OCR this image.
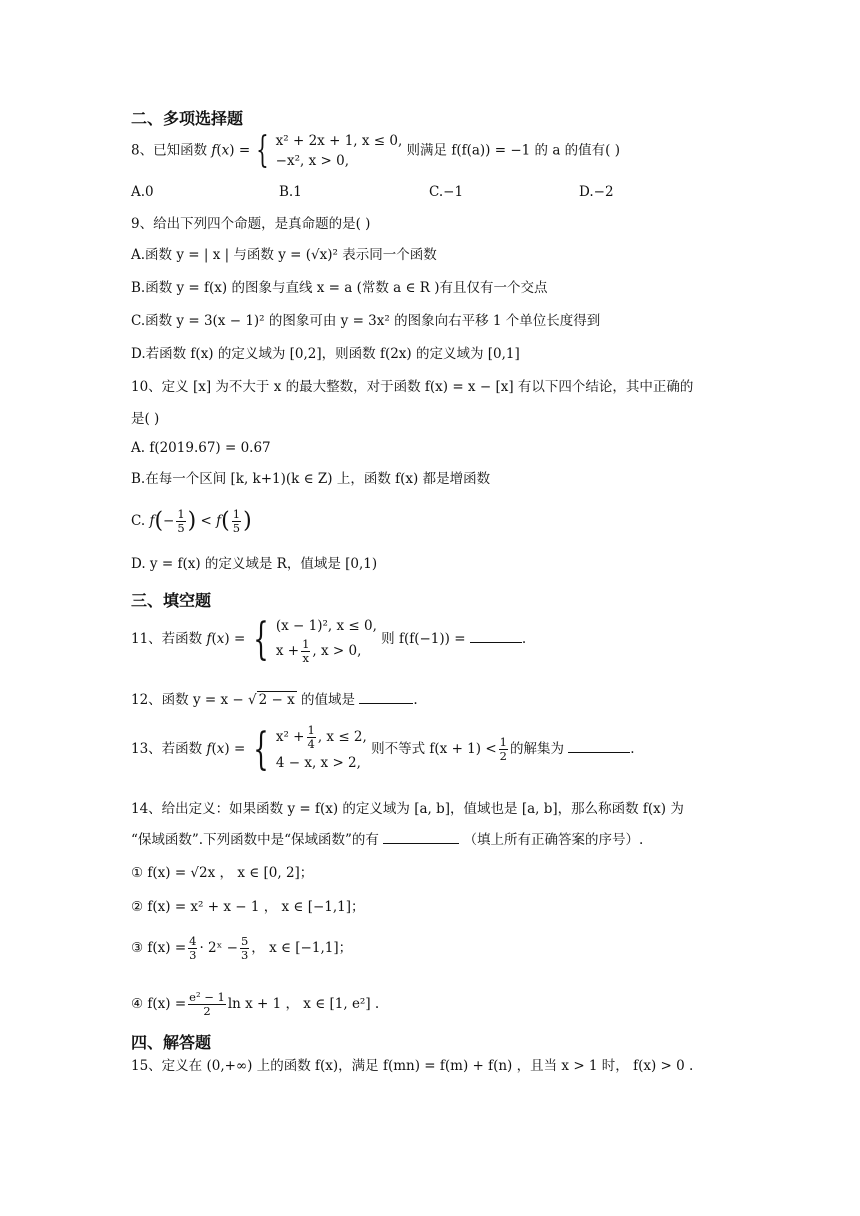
二、多项选择题
8、已知函数 f(x) = { x² + 2x + 1, x ≤ 0,
−x², x > 0,
则满足 f(f(a)) = −1 的 a 的值有( )
A.0	B.1	C.−1	D.−2
9、给出下列四个命题，是真命题的是( )
A.函数 y = | x | 与函数 y = (√x)² 表示同一个函数
B.函数 y = f(x) 的图象与直线 x = a (常数 a ∈ R )有且仅有一个交点
C.函数 y = 3(x − 1)² 的图象可由 y = 3x² 的图象向右平移 1 个单位长度得到
D.若函数 f(x) 的定义域为 [0,2]，则函数 f(2x) 的定义域为 [0,1]
10、定义 [x] 为不大于 x 的最大整数，对于函数 f(x) = x − [x] 有以下四个结论，其中正确的
是( )
A. f(2019.67) = 0.67
B.在每一个区间 [k, k+1)(k ∈ Z) 上，函数 f(x) 都是增函数
C. $f(- \frac{1}{5}$ ) < $f( \frac{1}{5}$ )
D. y = f(x) 的定义域是 R，值域是 [0,1)
三、填空题
11、若函数 f(x) = { (x − 1)², x ≤ 0,
$x + \frac{1}{x}$ , x > 0,
则 f(f(−1)) =	.
12、函数 y = x − √ 2 − x 的值域是	.
13、若函数 f(x) = { $x^2 + \frac{1}{4}$ , x ≤ 2,
4 − x, x > 2,
则不等式 $f(x + 1) < \frac{1}{2}$ 的解集为	.
14、给出定义：如果函数 y = f(x) 的定义域为 [a, b]，值域也是 [a, b]，那么称函数 f(x) 为
“保域函数”.下列函数中是“保域函数”的有	（填上所有正确答案的序号）.
① f(x) = √2x ， x ∈ [0, 2]；
② f(x) = x² + x − 1 ， x ∈ [−1,1]；
③ $f(x) = \frac{4}{3}$ · 2ˣ − $\frac{5}{3}$ ， x ∈ [−1,1]；
④ $f(x) = \frac{\text{e² − 1}}{2}$ ln x + 1 ， x ∈ [1, e²] .
四、解答题
15、定义在 (0,+∞) 上的函数 f(x)，满足 f(mn) = f(m) + f(n) ，且当 x > 1 时， f(x) > 0 .
